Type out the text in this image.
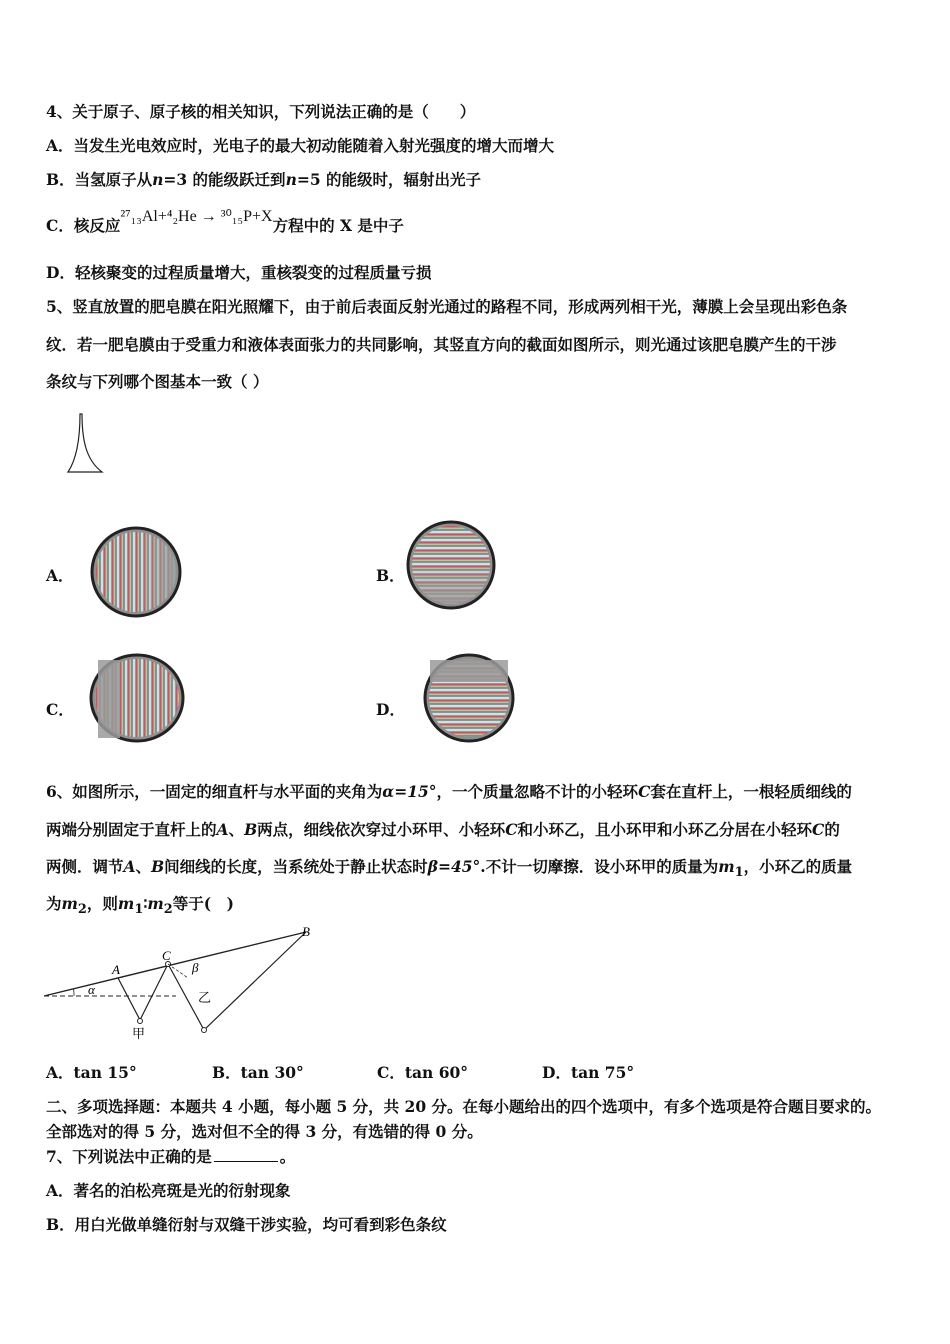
4、关于原子、原子核的相关知识，下列说法正确的是（　　）
A．当发生光电效应时，光电子的最大初动能随着入射光强度的增大而增大
B．当氢原子从n=3 的能级跃迁到n=5 的能级时，辐射出光子
C．核反应²⁷₁₃Al+⁴₂He → ³⁰₁₅P+X方程中的 X 是中子
D．轻核聚变的过程质量增大，重核裂变的过程质量亏损
5、竖直放置的肥皂膜在阳光照耀下，由于前后表面反射光通过的路程不同，形成两列相干光，薄膜上会呈现出彩色条
纹．若一肥皂膜由于受重力和液体表面张力的共同影响，其竖直方向的截面如图所示，则光通过该肥皂膜产生的干涉
条纹与下列哪个图基本一致（ ）
A．	B．
C．	D．
6、如图所示，一固定的细直杆与水平面的夹角为α=15°，一个质量忽略不计的小轻环C套在直杆上，一根轻质细线的
两端分别固定于直杆上的A、B两点，细线依次穿过小环甲、小轻环C和小环乙，且小环甲和小环乙分居在小轻环C的
两侧．调节A、B间细线的长度，当系统处于静止状态时β=45°.不计一切摩擦．设小环甲的质量为$m_1$，小环乙的质量
为$m_2$，则$m_1∶m_2$等于(　)
A
C
B
α
β
甲
乙
A．tan 15°	B．tan 30°	C．tan 60°	D．tan 75°
二、多项选择题：本题共 4 小题，每小题 5 分，共 20 分。在每小题给出的四个选项中，有多个选项是符合题目要求的。
全部选对的得 5 分，选对但不全的得 3 分，有选错的得 0 分。
7、下列说法中正确的是	。
A．著名的泊松亮斑是光的衍射现象
B．用白光做单缝衍射与双缝干涉实验，均可看到彩色条纹
